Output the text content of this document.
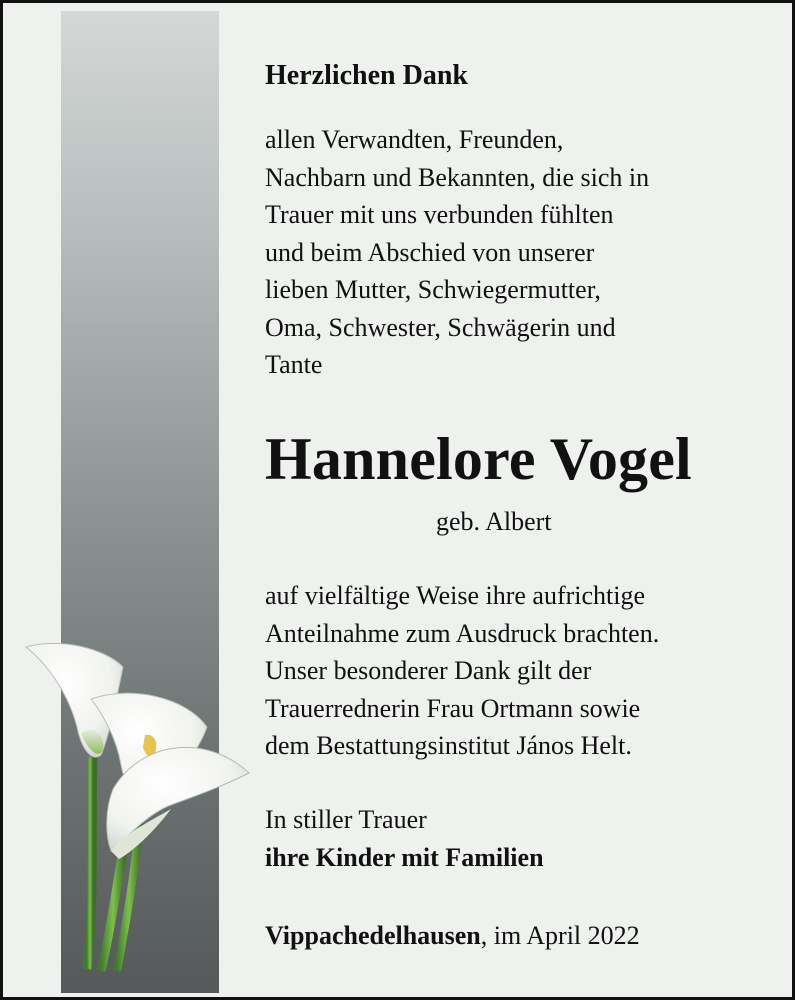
Herzlichen Dank
allen Verwandten, Freunden,
Nachbarn und Bekannten, die sich in
Trauer mit uns verbunden fühlten
und beim Abschied von unserer
lieben Mutter, Schwiegermutter,
Oma, Schwester, Schwägerin und
Tante
Hannelore Vogel
geb. Albert
auf vielfältige Weise ihre aufrichtige
Anteilnahme zum Ausdruck brachten.
Unser besonderer Dank gilt der
Trauerrednerin Frau Ortmann sowie
dem Bestattungsinstitut János Helt.
In stiller Trauer
ihre Kinder mit Familien
Vippachedelhausen, im April 2022
